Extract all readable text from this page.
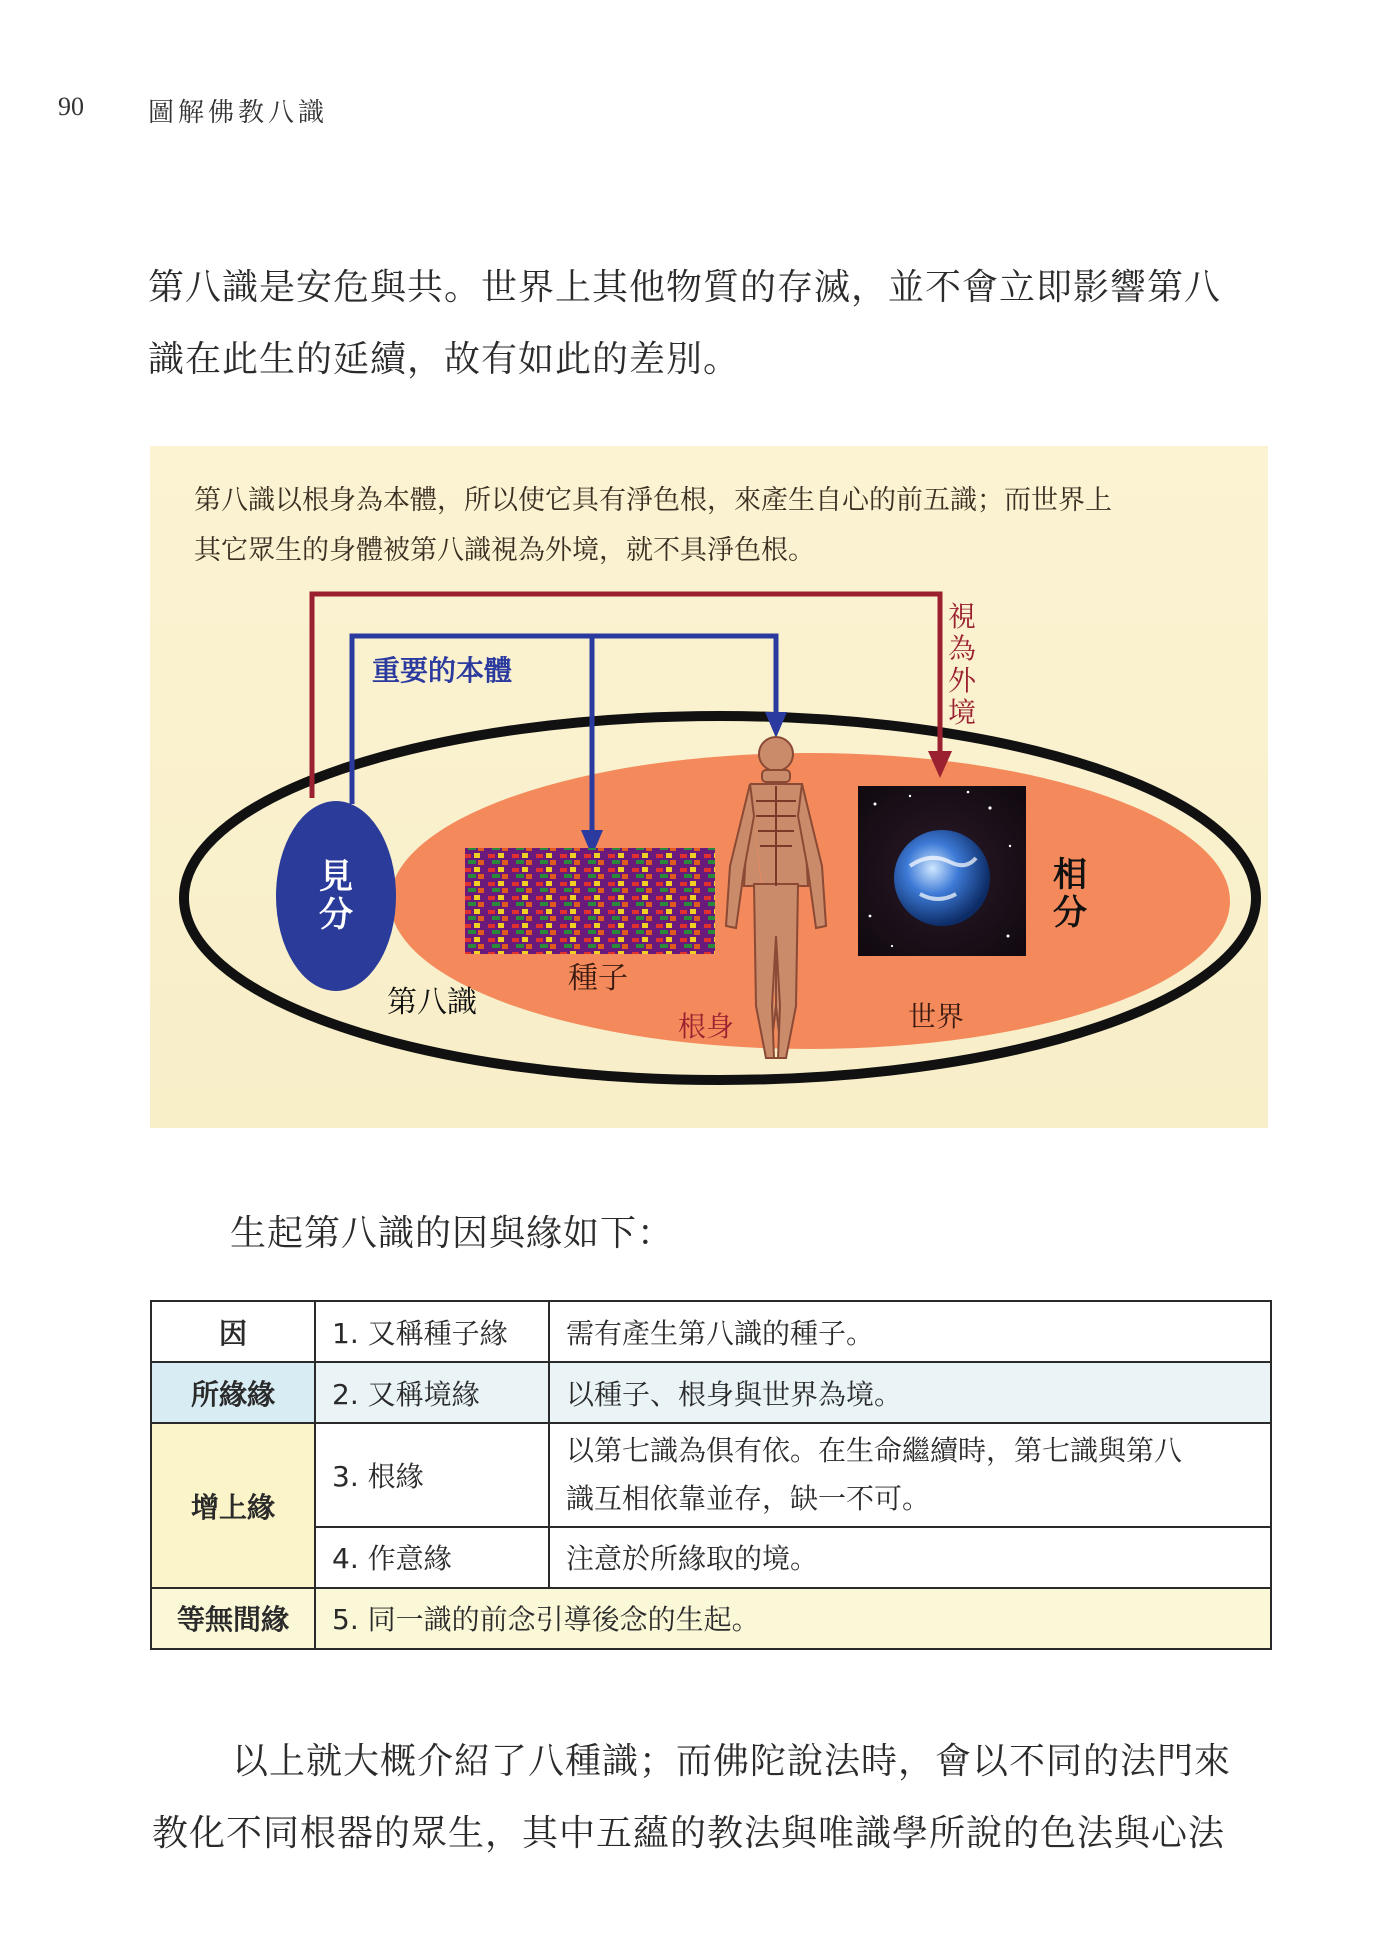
90 圖解佛教八識
第八識是安危與共。世界上其他物質的存滅，並不會立即影響第八
識在此生的延續，故有如此的差別。
第八識以根身為本體，所以使它具有淨色根，來產生自心的前五識；而世界上
其它眾生的身體被第八識視為外境，就不具淨色根。
重要的本體
視
為
外
境
見
分
相
分
種子
根身	世界
第八識
生起第八識的因與緣如下：
因	1. 又稱種子緣	需有產生第八識的種子。
所緣緣	2. 又稱境緣	以種子、根身與世界為境。
增上緣	3. 根緣	以第七識為俱有依。在生命繼續時，第七識與第八
識互相依靠並存，缺一不可。

	4. 作意緣	注意於所緣取的境。
等無間緣	5. 同一識的前念引導後念的生起。	
以上就大概介紹了八種識；而佛陀說法時，會以不同的法門來
教化不同根器的眾生，其中五蘊的教法與唯識學所說的色法與心法
